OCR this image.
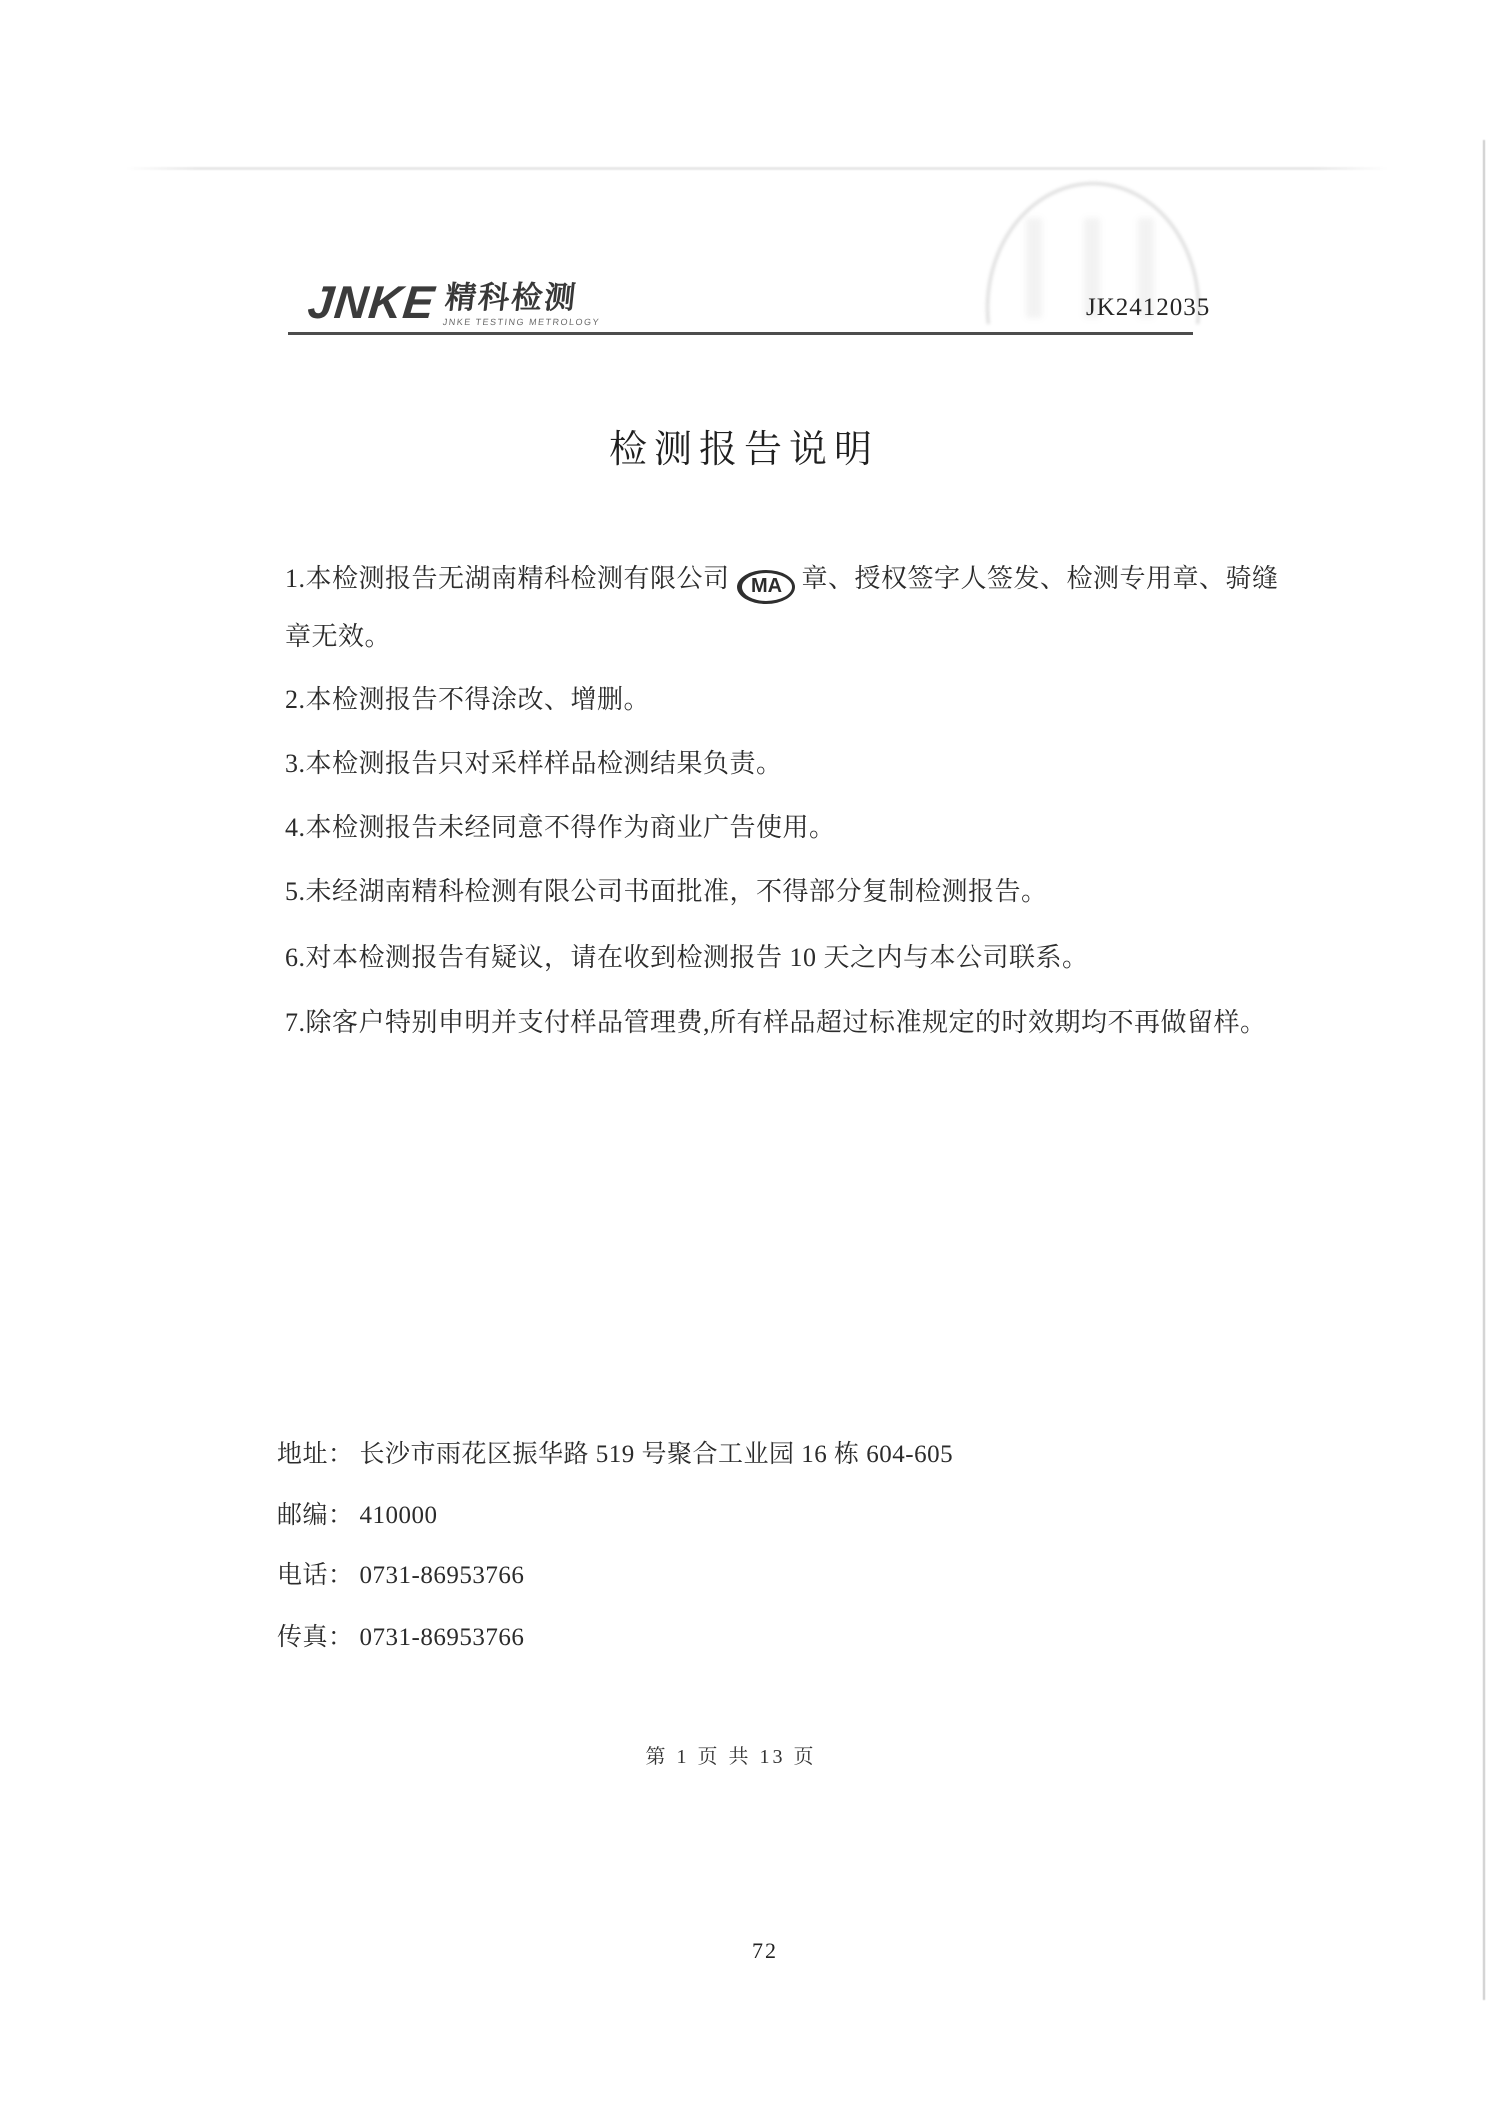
JNKE 精科检测
JNKE TESTING METROLOGY
JK2412035
检测报告说明
1.本检测报告无湖南精科检测有限公司 MA 章、授权签字人签发、检测专用章、骑缝
章无效。
2.本检测报告不得涂改、增删。
3.本检测报告只对采样样品检测结果负责。
4.本检测报告未经同意不得作为商业广告使用。
5.未经湖南精科检测有限公司书面批准，不得部分复制检测报告。
6.对本检测报告有疑议，请在收到检测报告 10 天之内与本公司联系。
7.除客户特别申明并支付样品管理费,所有样品超过标准规定的时效期均不再做留样。
地址： 长沙市雨花区振华路 519 号聚合工业园 16 栋 604-605
邮编： 410000
电话： 0731-86953766
传真： 0731-86953766
第 1 页 共 13 页
72
